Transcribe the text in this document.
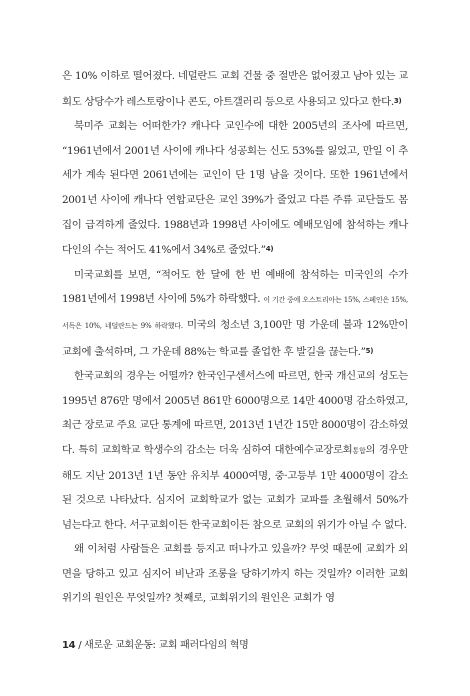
은 10% 이하로 떨어졌다. 네덜란드 교회 건물 중 절반은 없어졌고 남아 있는 교회도 상당수가 레스토랑이나 콘도, 아트갤러리 등으로 사용되고 있다고 한다.$^{3)}$

북미주 교회는 어떠한가? 캐나다 교인수에 대한 2005년의 조사에 따르면, “1961년에서 2001년 사이에 캐나다 성공회는 신도 53%를 잃었고, 만일 이 추세가 계속 된다면 2061년에는 교인이 단 1명 남을 것이다. 또한 1961년에서 2001년 사이에 캐나다 연합교단은 교인 39%가 줄었고 다른 주류 교단들도 몸집이 급격하게 줄었다. 1988년과 1998년 사이에도 예배모임에 참석하는 캐나다인의 수는 적어도 41%에서 34%로 줄었다.”$^{4)}$

미국교회를 보면, “적어도 한 달에 한 번 예배에 참석하는 미국인의 수가 1981년에서 1998년 사이에 5%가 하락했다. 이 기간 중에 오스트리아는 15%, 스페인은 15%, 서독은 10%, 네덜란드는 9% 하락했다. 미국의 청소년 3,100만 명 가운데 불과 12%만이 교회에 출석하며, 그 가운데 88%는 학교를 졸업한 후 발길을 끊는다.”$^{5)}$

한국교회의 경우는 어떨까? 한국인구센서스에 따르면, 한국 개신교의 성도는 1995년 876만 명에서 2005년 861만 6000명으로 14만 4000명 감소하였고, 최근 장로교 주요 교단 통계에 따르면, 2013년 1년간 15만 8000명이 감소하였다. 특히 교회학교 학생수의 감소는 더욱 심하여 대한예수교장로회통합의 경우만 해도 지난 2013년 1년 동안 유치부 4000여명, 중·고등부 1만 4000명이 감소된 것으로 나타났다. 심지어 교회학교가 없는 교회가 교파를 초월해서 50%가 넘는다고 한다. 서구교회이든 한국교회이든 참으로 교회의 위기가 아닐 수 없다.

왜 이처럼 사람들은 교회를 등지고 떠나가고 있을까? 무엇 때문에 교회가 외면을 당하고 있고 심지어 비난과 조롱을 당하기까지 하는 것일까? 이러한 교회 위기의 원인은 무엇일까? 첫째로, 교회위기의 원인은 교회가 영

14 / 새로운 교회운동: 교회 패러다임의 혁명
